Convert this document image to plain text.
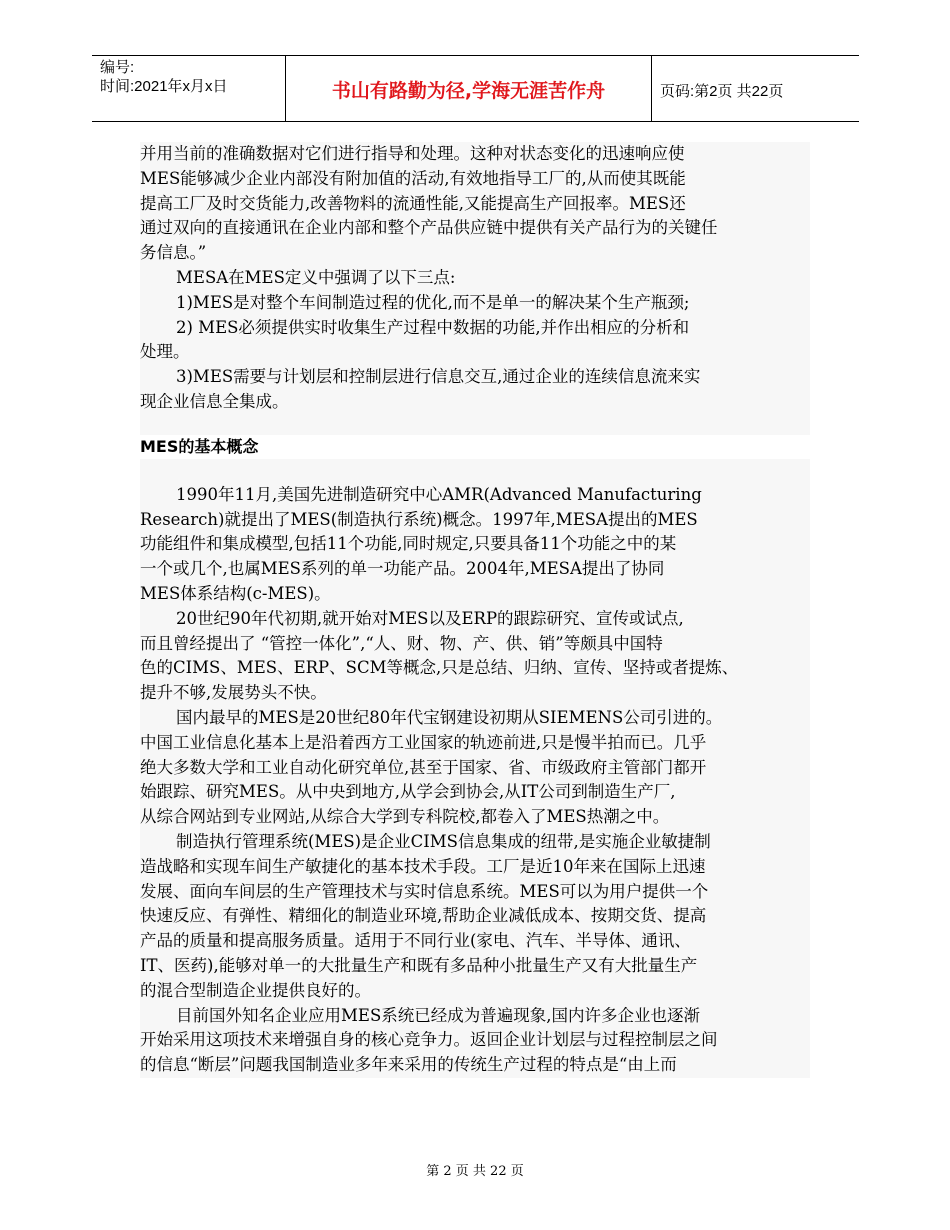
编号:
时间:2021年x月x日	书山有路勤为径,学海无涯苦作舟	页码:第2页 共22页

并用当前的准确数据对它们进行指导和处理。这种对状态变化的迅速响应使

MES能够减少企业内部没有附加值的活动,有效地指导工厂的,从而使其既能

提高工厂及时交货能力,改善物料的流通性能,又能提高生产回报率。MES还

通过双向的直接通讯在企业内部和整个产品供应链中提供有关产品行为的关键任

务信息。”

MESA在MES定义中强调了以下三点:

1)MES是对整个车间制造过程的优化,而不是单一的解决某个生产瓶颈;

2) MES必须提供实时收集生产过程中数据的功能,并作出相应的分析和

处理。

3)MES需要与计划层和控制层进行信息交互,通过企业的连续信息流来实

现企业信息全集成。

MES的基本概念

1990年11月,美国先进制造研究中心AMR(Advanced Manufacturing

Research)就提出了MES(制造执行系统)概念。1997年,MESA提出的MES

功能组件和集成模型,包括11个功能,同时规定,只要具备11个功能之中的某

一个或几个,也属MES系列的单一功能产品。2004年,MESA提出了协同

MES体系结构(c-MES)。

20世纪90年代初期,就开始对MES以及ERP的跟踪研究、宣传或试点,

而且曾经提出了 “管控一体化”,“人、财、物、产、供、销”等颇具中国特

色的CIMS、MES、ERP、SCM等概念,只是总结、归纳、宣传、坚持或者提炼、

提升不够,发展势头不快。

国内最早的MES是20世纪80年代宝钢建设初期从SIEMENS公司引进的。

中国工业信息化基本上是沿着西方工业国家的轨迹前进,只是慢半拍而已。几乎

绝大多数大学和工业自动化研究单位,甚至于国家、省、市级政府主管部门都开

始跟踪、研究MES。从中央到地方,从学会到协会,从IT公司到制造生产厂,

从综合网站到专业网站,从综合大学到专科院校,都卷入了MES热潮之中。

制造执行管理系统(MES)是企业CIMS信息集成的纽带,是实施企业敏捷制

造战略和实现车间生产敏捷化的基本技术手段。工厂是近10年来在国际上迅速

发展、面向车间层的生产管理技术与实时信息系统。MES可以为用户提供一个

快速反应、有弹性、精细化的制造业环境,帮助企业减低成本、按期交货、提高

产品的质量和提高服务质量。适用于不同行业(家电、汽车、半导体、通讯、

IT、医药),能够对单一的大批量生产和既有多品种小批量生产又有大批量生产

的混合型制造企业提供良好的。

目前国外知名企业应用MES系统已经成为普遍现象,国内许多企业也逐渐

开始采用这项技术来增强自身的核心竞争力。返回企业计划层与过程控制层之间

的信息“断层”问题我国制造业多年来采用的传统生产过程的特点是“由上而

第 2 页 共 22 页
